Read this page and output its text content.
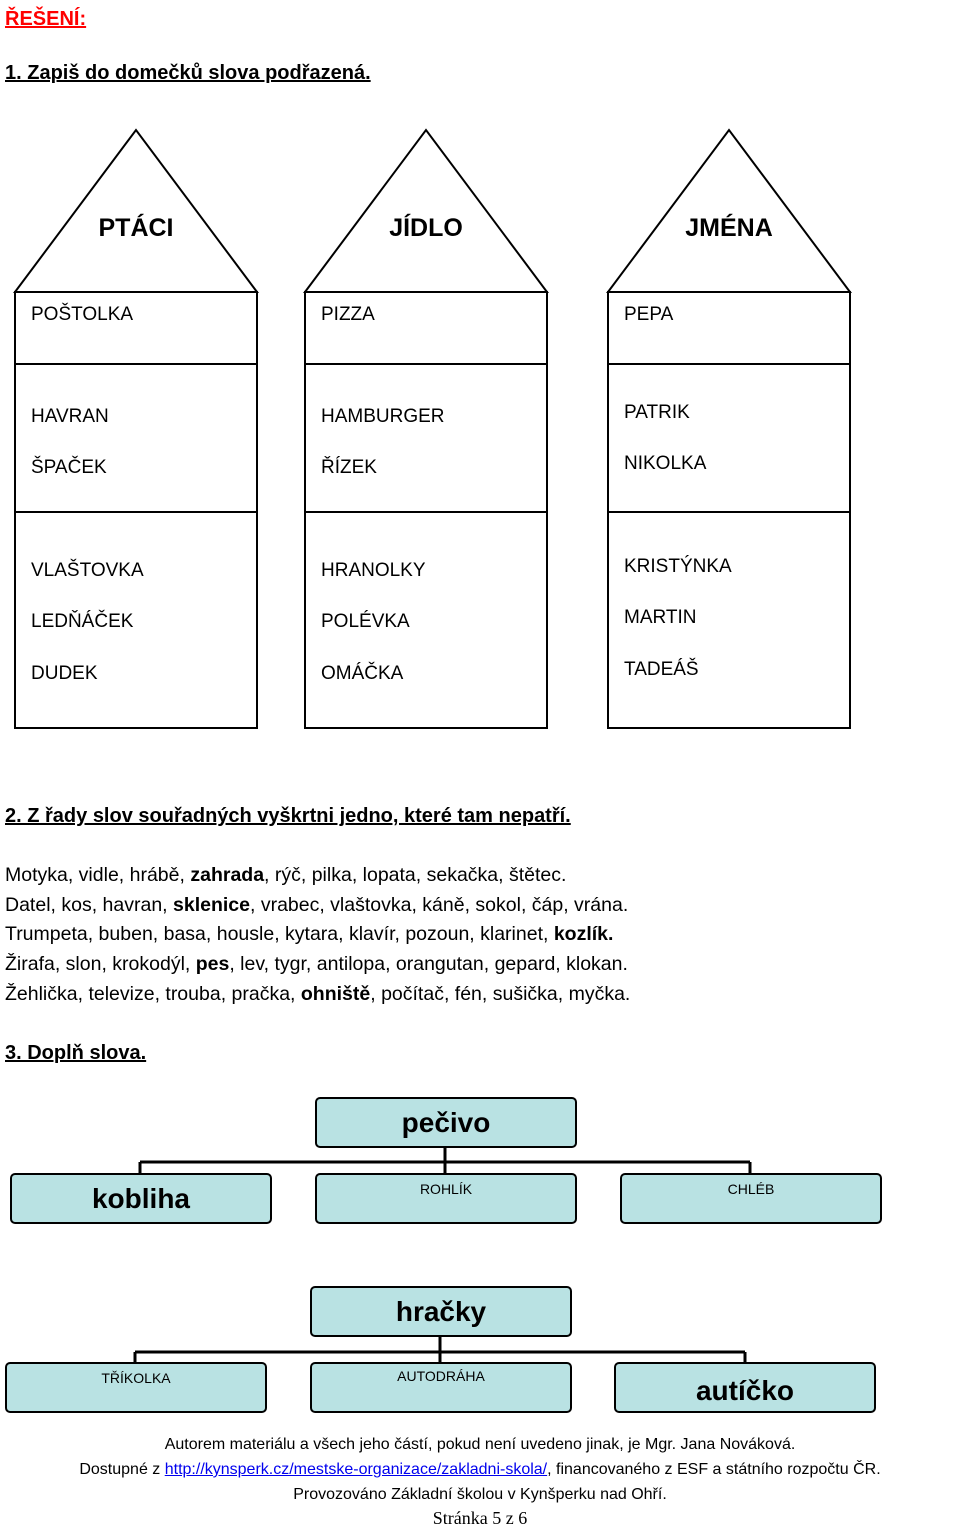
ŘEŠENÍ:
1. Zapiš do domečků slova podřazená.
PTÁCI	JÍDLO	JMÉNA
POŠTOLKA
HAVRAN
ŠPAČEK
VLAŠTOVKA
LEDŇÁČEK
DUDEK
PIZZA
HAMBURGER
ŘÍZEK
HRANOLKY
POLÉVKA
OMÁČKA
PEPA
PATRIK
NIKOLKA
KRISTÝNKA
MARTIN
TADEÁŠ
2. Z řady slov souřadných vyškrtni jedno, které tam nepatří.
Motyka, vidle, hrábě, zahrada, rýč, pilka, lopata, sekačka, štětec.
Datel, kos, havran, sklenice, vrabec, vlaštovka, káně, sokol, čáp, vrána.
Trumpeta, buben, basa, housle, kytara, klavír, pozoun, klarinet, kozlík.
Žirafa, slon, krokodýl, pes, lev, tygr, antilopa, orangutan, gepard, klokan.
Žehlička, televize, trouba, pračka, ohniště, počítač, fén, sušička, myčka.
3. Doplň slova.
pečivo
kobliha	ROHLÍK	CHLÉB
hračky
TŘÍKOLKA	AUTODRÁHA	autíčko
Autorem materiálu a všech jeho částí, pokud není uvedeno jinak, je Mgr. Jana Nováková.
Dostupné z http://kynsperk.cz/mestske-organizace/zakladni-skola/, financovaného z ESF a státního rozpočtu ČR.
Provozováno Základní školou v Kynšperku nad Ohří.
Stránka 5 z 6
